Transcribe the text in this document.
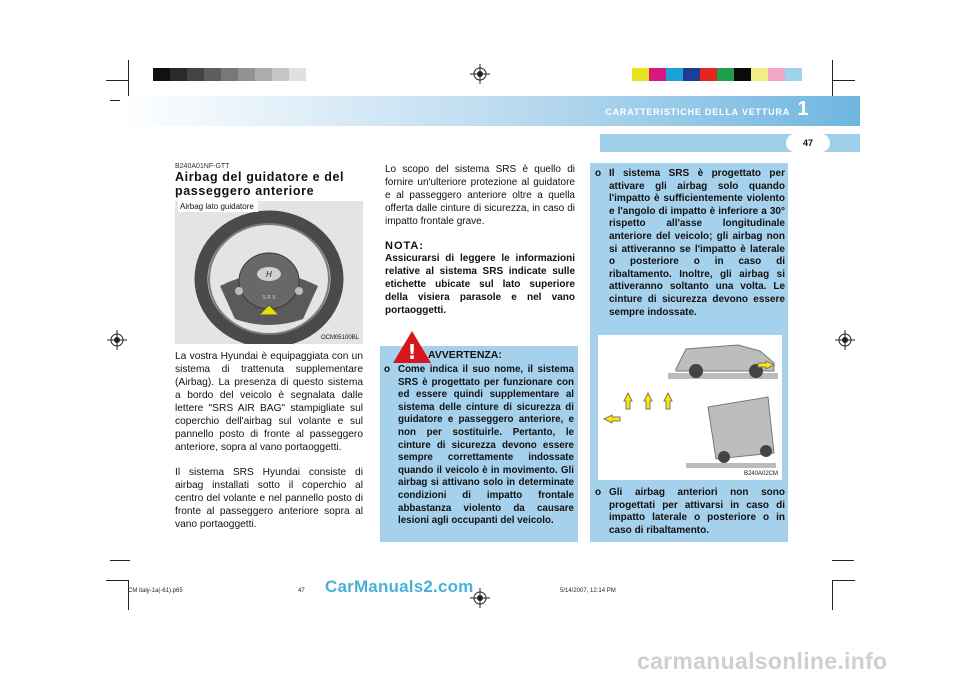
CARATTERISTICHE DELLA VETTURA 1
47
B240A01NF-GTT
Airbag del guidatore e del passeggero anteriore
H
S R S
OCM05100BL
Airbag lato guidatore

La vostra Hyundai è equipaggiata con un sistema di trattenuta supplementare (Airbag). La presenza di questo sistema a bordo del veicolo è segnalata dalle lettere "SRS AIR BAG" stampigliate sul coperchio dell'airbag sul volante e sul pannello posto di fronte al passeggero anteriore, sopra al vano portaoggetti.

Il sistema SRS Hyundai consiste di airbag installati sotto il coperchio al centro del volante e nel pannello posto di fronte al passeggero anteriore sopra al vano portaoggetti.

Lo scopo del sistema SRS è quello di fornire un'ulteriore protezione al guidatore e al passeggero anteriore oltre a quella offerta dalle cinture di sicurezza, in caso di impatto frontale grave.

NOTA:

Assicurarsi di leggere le informazioni relative al sistema SRS indicate sulle etichette ubicate sul lato superiore della visiera parasole e nel vano portaoggetti.

!	AVVERTENZA:
o Come indica il suo nome, il sistema SRS è progettato per funzionare con ed essere quindi supplementare al sistema delle cinture di sicurezza di guidatore e passeggero anteriore, e non per sostituirle. Pertanto, le cinture di sicurezza devono essere sempre correttamente indossate quando il veicolo è in movimento. Gli airbag si attivano solo in determinate condizioni di impatto frontale abbastanza violento da causare lesioni agli occupanti del veicolo.
o Il sistema SRS è progettato per attivare gli airbag solo quando l'impatto è sufficientemente violento e l'angolo di impatto è inferiore a 30° rispetto all'asse longitudinale anteriore del veicolo; gli airbag non si attiveranno se l'impatto è laterale o posteriore o in caso di ribaltamento. Inoltre, gli airbag si attiveranno soltanto una volta. Le cinture di sicurezza devono essere sempre indossate.
B240A02CM
o Gli airbag anteriori non sono progettati per attivarsi in caso di impatto laterale o posteriore o in caso di ribaltamento.
CM italy-1a(-61).p65	47	5/14/2007, 12:14 PM
CarManuals2.com
carmanualsonline.info
